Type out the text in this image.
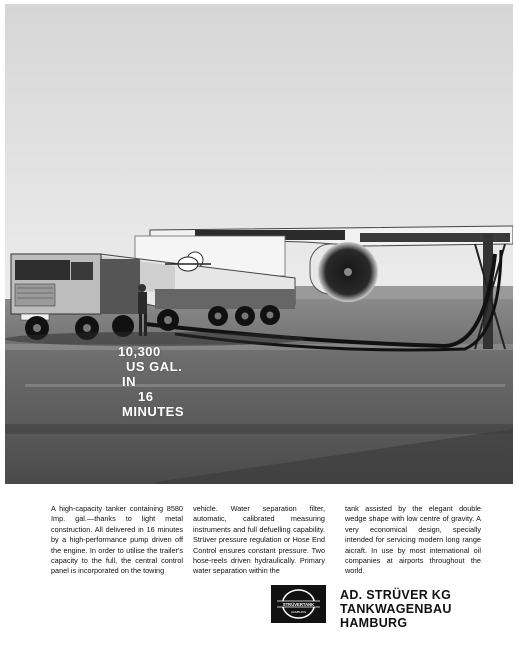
10,300
US GAL.
IN
16
MINUTES
A high-capacity tanker containing 8580 Imp. gal.—thanks to light metal construction. All delivered in 16 minutes by a high-performance pump driven off the engine. In order to utilise the trailer's capacity to the full, the central control panel is incorporated on the towing
vehicle. Water separation filter, automatic, calibrated measuring instruments and full defuelling capability. Strüver pressure regulation or Hose End Control ensures constant pressure. Two hose-reels driven hydraulically. Primary water separation within the
tank assisted by the elegant double wedge shape with low centre of gravity. A very economical design, specially intended for servicing modern long range aicraft. In use by most international oil companies at airports throughout the world.
STRÜVERTANK
HAMBURG
AD. STRÜVER KG
TANKWAGENBAU
HAMBURG
